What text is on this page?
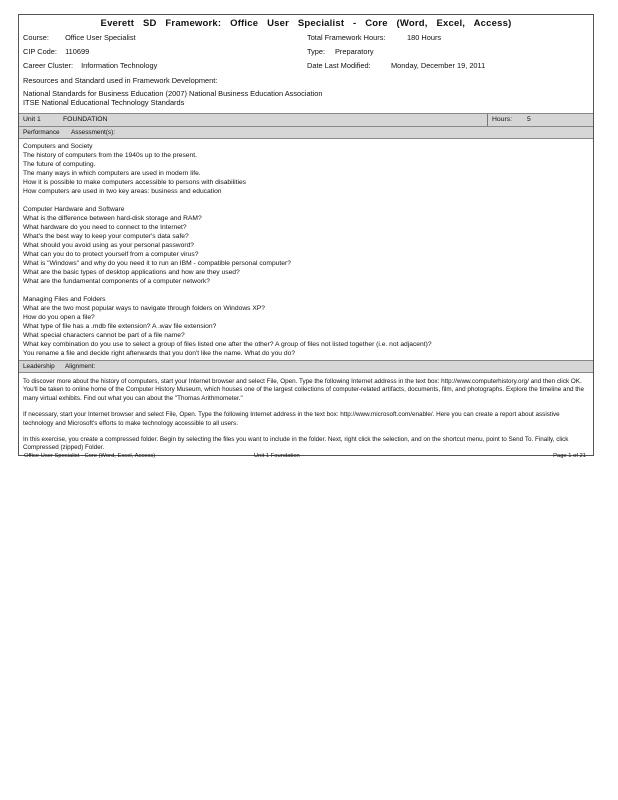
Everett SD Framework: Office User Specialist - Core (Word, Excel, Access)
Course: Office User Specialist
CIP Code: 110699
Career Cluster: Information Technology
Total Framework Hours:	180 Hours
Type: Preparatory
Date Last Modified:	Monday, December 19, 2011
Resources and Standard used in Framework Development:
National Standards for Business Education (2007) National Business Education Association
ITSE National Educational Technology Standards
Unit 1	FOUNDATION	Hours: 5
Performance Assessment(s):
Computers and Society
The history of computers from the 1940s up to the present.
The future of computing.
The many ways in which computers are used in modern life.
How it is possible to make computers accessible to persons with disabilities
How computers are used in two key areas: business and education
Computer Hardware and Software
What is the difference between hard-disk storage and RAM?
What hardware do you need to connect to the Internet?
What's the best way to keep your computer's data safe?
What should you avoid using as your personal password?
What can you do to protect yourself from a computer virus?
What is "Windows" and why do you need it to run an IBM - compatible personal computer?
What are the basic types of desktop applications and how are they used?
What are the fundamental components of a computer network?
Managing Files and Folders
What are the two most popular ways to navigate through folders on Windows XP?
How do you open a file?
What type of file has a .mdb file extension? A .wav file extension?
What special characters cannot be part of a file name?
What key combination do you use to select a group of files listed one after the other? A group of files not listed together (i.e. not adjacent)?
You rename a file and decide right afterwards that you don't like the name. What do you do?
Leadership Alignment:

To discover more about the history of computers, start your Internet browser and select File, Open. Type the following Internet address in the text box: http://www.computerhistory.org/ and then click OK. You'll be taken to online home of the Computer History Museum, which houses one of the largest collections of computer-related artifacts, documents, film, and photographs. Explore the timeline and the many virtual exhibits. Find out what you can about the "Thomas Arithmometer."

If necessary, start your Internet browser and select File, Open. Type the following Internet address in the text box: http://www.microsoft.com/enable/. Here you can create a report about assistive technology and Microsoft's efforts to make technology accessible to all users.

In this exercise, you create a compressed folder. Begin by selecting the files you want to include in the folder. Next, right click the selection, and on the shortcut menu, point to Send To. Finally, click Compressed (zipped) Folder.

Office User Specialist - Core (Word, Excel, Access)	Unit 1 Foundation	Page 1 of 21
